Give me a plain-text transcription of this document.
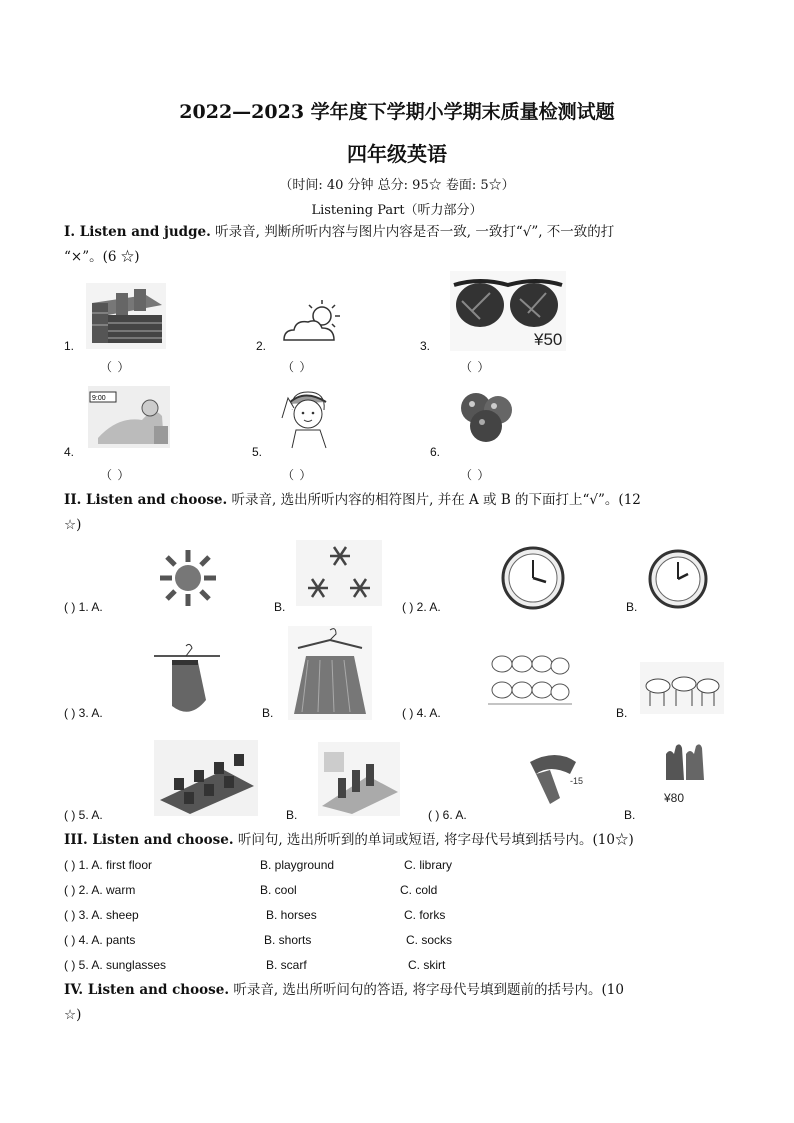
2022—2023 学年度下学期小学期末质量检测试题
四年级英语
（时间: 40 分钟 总分: 95☆ 卷面: 5☆）
Listening Part（听力部分）
I. Listen and judge. 听录音, 判断所听内容与图片内容是否一致, 一致打“√”, 不一致的打
“×”。(6 ☆)
1.
（ ）
2.
（ ）
¥50
3.
（ ）
9:00
4.
（ ）
5.
（ ）
6.
（ ）
II. Listen and choose. 听录音, 选出所听内容的相符图片, 并在 A 或 B 的下面打上“√”。(12
☆)
( ) 1. A.	B.	( ) 2. A.	B.
( ) 3. A.	B.	( ) 4. A.	B.
-15
¥80
( ) 5. A.	B.	( ) 6. A.	B.
III. Listen and choose. 听问句, 选出所听到的单词或短语, 将字母代号填到括号内。(10☆)
( ) 1. A. first floor	B. playground	C. library
( ) 2. A. warm	B. cool	C. cold
( ) 3. A. sheep	B. horses	C. forks
( ) 4. A. pants	B. shorts	C. socks
( ) 5. A. sunglasses	B. scarf	C. skirt
IV. Listen and choose. 听录音, 选出所听问句的答语, 将字母代号填到题前的括号内。(10
☆)
